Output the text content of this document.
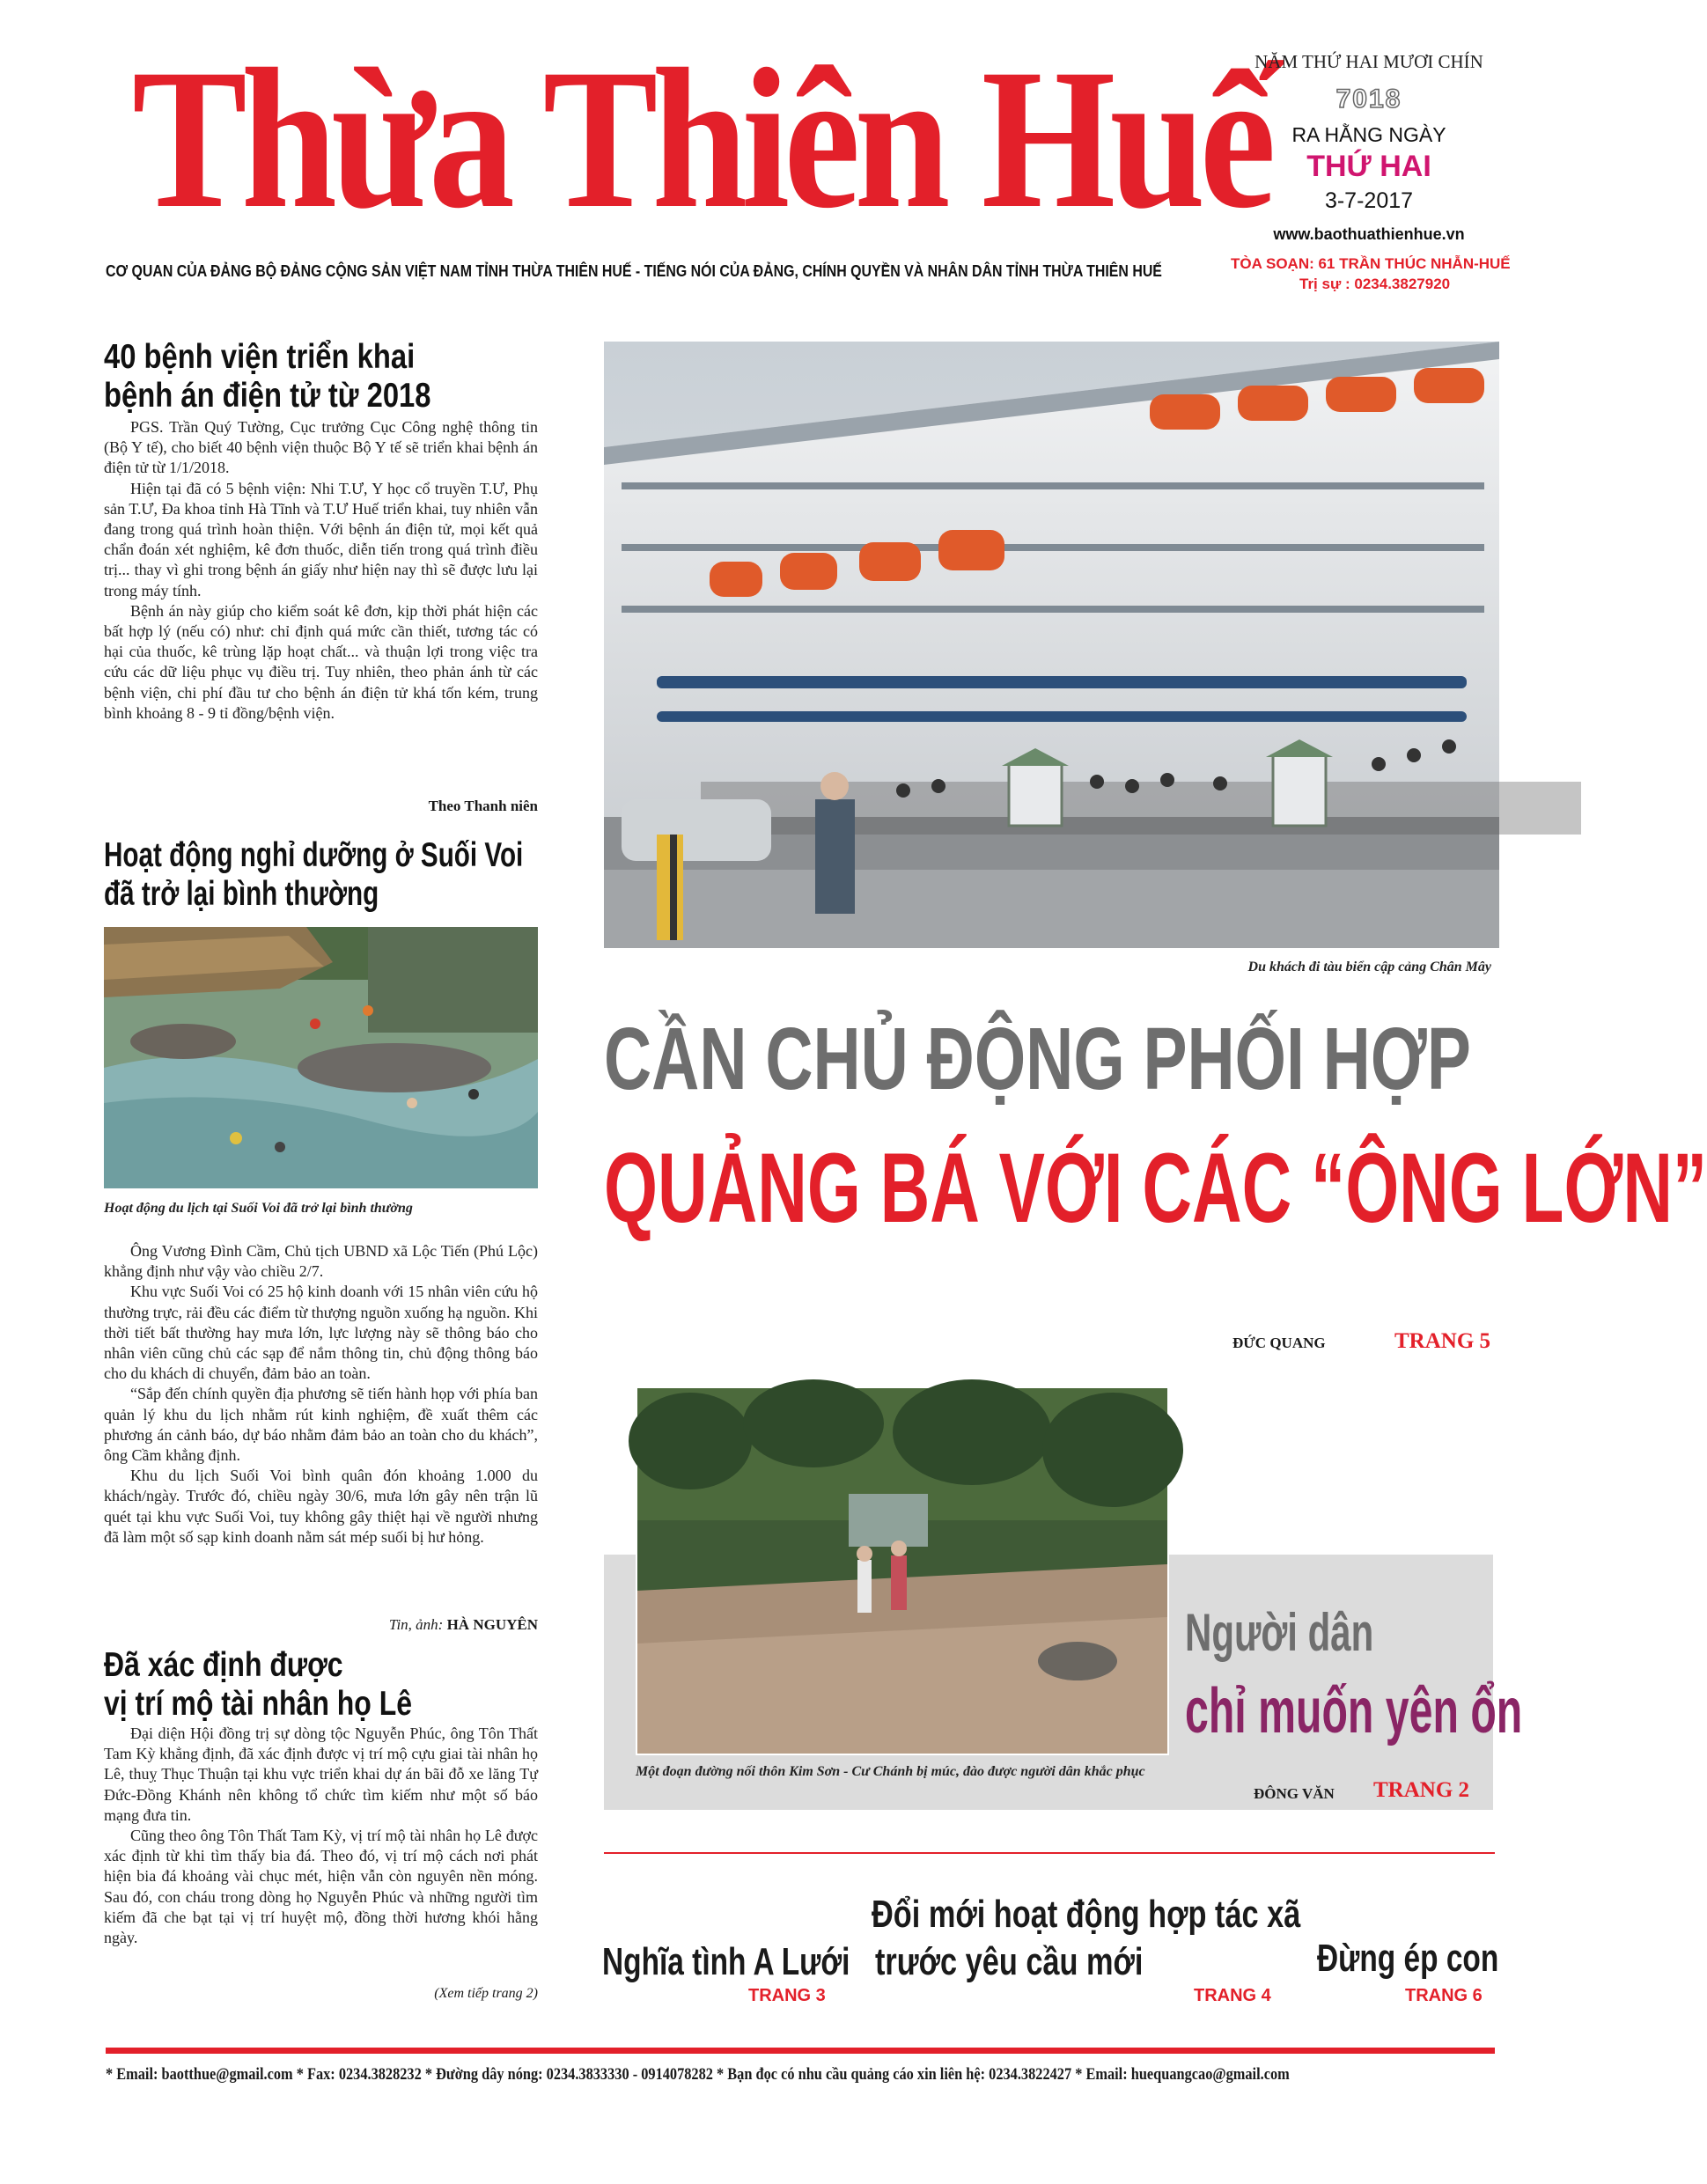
Thừa Thiên Huế
CƠ QUAN CỦA ĐẢNG BỘ ĐẢNG CỘNG SẢN VIỆT NAM TỈNH THỪA THIÊN HUẾ - TIẾNG NÓI CỦA ĐẢNG, CHÍNH QUYỀN VÀ NHÂN DÂN TỈNH THỪA THIÊN HUẾ
NĂM THỨ HAI MƯƠI CHÍN
7018
RA HẰNG NGÀY
THỨ HAI
3-7-2017
www.baothuathienhue.vn
TÒA SOẠN: 61 TRẦN THÚC NHẪN-HUẾ
Trị sự : 0234.3827920
40 bệnh viện triển khai
bệnh án điện tử từ 2018

PGS. Trần Quý Tường, Cục trưởng Cục Công nghệ thông tin (Bộ Y tế), cho biết 40 bệnh viện thuộc Bộ Y tế sẽ triển khai bệnh án điện tử từ 1/1/2018.

Hiện tại đã có 5 bệnh viện: Nhi T.Ư, Y học cổ truyền T.Ư, Phụ sản T.Ư, Đa khoa tỉnh Hà Tĩnh và T.Ư Huế triển khai, tuy nhiên vẫn đang trong quá trình hoàn thiện. Với bệnh án điện tử, mọi kết quả chẩn đoán xét nghiệm, kê đơn thuốc, diễn tiến trong quá trình điều trị... thay vì ghi trong bệnh án giấy như hiện nay thì sẽ được lưu lại trong máy tính.

Bệnh án này giúp cho kiểm soát kê đơn, kịp thời phát hiện các bất hợp lý (nếu có) như: chỉ định quá mức cần thiết, tương tác có hại của thuốc, kê trùng lặp hoạt chất... và thuận lợi trong việc tra cứu các dữ liệu phục vụ điều trị. Tuy nhiên, theo phản ánh từ các bệnh viện, chi phí đầu tư cho bệnh án điện tử khá tốn kém, trung bình khoảng 8 - 9 tỉ đồng/bệnh viện.

Theo Thanh niên
Hoạt động nghỉ dưỡng ở Suối Voi
đã trở lại bình thường
Hoạt động du lịch tại Suối Voi đã trở lại bình thường

Ông Vương Đình Cầm, Chủ tịch UBND xã Lộc Tiến (Phú Lộc) khẳng định như vậy vào chiều 2/7.

Khu vực Suối Voi có 25 hộ kinh doanh với 15 nhân viên cứu hộ thường trực, rải đều các điểm từ thượng nguồn xuống hạ nguồn. Khi thời tiết bất thường hay mưa lớn, lực lượng này sẽ thông báo cho nhân viên cũng chủ các sạp để nắm thông tin, chủ động thông báo cho du khách di chuyển, đảm bảo an toàn.

“Sắp đến chính quyền địa phương sẽ tiến hành họp với phía ban quản lý khu du lịch nhằm rút kinh nghiệm, đề xuất thêm các phương án cảnh báo, dự báo nhằm đảm bảo an toàn cho du khách”, ông Cầm khẳng định.

Khu du lịch Suối Voi bình quân đón khoảng 1.000 du khách/ngày. Trước đó, chiều ngày 30/6, mưa lớn gây nên trận lũ quét tại khu vực Suối Voi, tuy không gây thiệt hại về người nhưng đã làm một số sạp kinh doanh nằm sát mép suối bị hư hỏng.

Tin, ảnh: HÀ NGUYÊN
Đã xác định được
vị trí mộ tài nhân họ Lê

Đại diện Hội đồng trị sự dòng tộc Nguyễn Phúc, ông Tôn Thất Tam Kỳ khẳng định, đã xác định được vị trí mộ cựu giai tài nhân họ Lê, thuỵ Thục Thuận tại khu vực triển khai dự án bãi đỗ xe lăng Tự Đức-Đồng Khánh nên không tổ chức tìm kiếm như một số báo mạng đưa tin.

Cũng theo ông Tôn Thất Tam Kỳ, vị trí mộ tài nhân họ Lê được xác định từ khi tìm thấy bia đá. Theo đó, vị trí mộ cách nơi phát hiện bia đá khoảng vài chục mét, hiện vẫn còn nguyên nền móng. Sau đó, con cháu trong dòng họ Nguyễn Phúc và những người tìm kiếm đã che bạt tại vị trí huyệt mộ, đồng thời hương khói hằng ngày.

(Xem tiếp trang 2)
Du khách đi tàu biển cập cảng Chân Mây
CẦN CHỦ ĐỘNG PHỐI HỢP
QUẢNG BÁ VỚI CÁC “ÔNG LỚN”
ĐỨC QUANG	TRANG 5
Một đoạn đường nối thôn Kim Sơn - Cư Chánh bị múc, đào được người dân khắc phục
Người dân
chỉ muốn yên ổn
ĐÔNG VĂN TRANG 2
Nghĩa tình A Lưới
TRANG 3
Đổi mới hoạt động hợp tác xã
trước yêu cầu mới
TRANG 4
Đừng ép con
TRANG 6
* Email: baotthue@gmail.com * Fax: 0234.3828232 * Đường dây nóng: 0234.3833330 - 0914078282 * Bạn đọc có nhu cầu quảng cáo xin liên hệ: 0234.3822427 * Email: huequangcao@gmail.com
